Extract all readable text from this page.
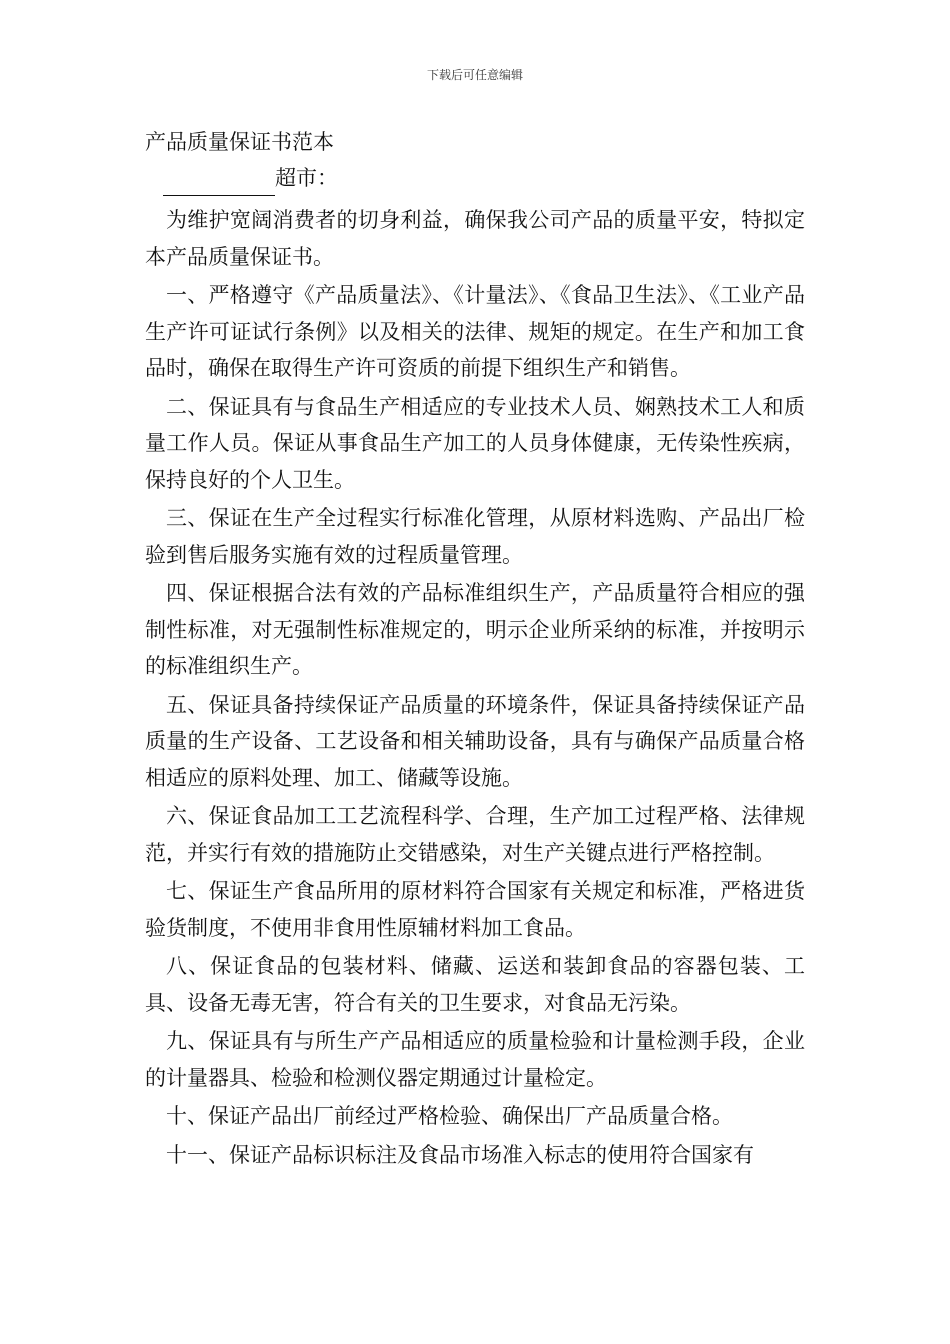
下载后可任意编辑

产品质量保证书范本

超市：

为维护宽阔消费者的切身利益，确保我公司产品的质量平安，特拟定本产品质量保证书。

一、严格遵守《产品质量法》、《计量法》、《食品卫生法》、《工业产品生产许可证试行条例》以及相关的法律、规矩的规定。在生产和加工食品时，确保在取得生产许可资质的前提下组织生产和销售。

二、保证具有与食品生产相适应的专业技术人员、娴熟技术工人和质量工作人员。保证从事食品生产加工的人员身体健康，无传染性疾病，保持良好的个人卫生。

三、保证在生产全过程实行标准化管理，从原材料选购、产品出厂检验到售后服务实施有效的过程质量管理。

四、保证根据合法有效的产品标准组织生产，产品质量符合相应的强制性标准，对无强制性标准规定的，明示企业所采纳的标准，并按明示的标准组织生产。

五、保证具备持续保证产品质量的环境条件，保证具备持续保证产品质量的生产设备、工艺设备和相关辅助设备，具有与确保产品质量合格相适应的原料处理、加工、储藏等设施。

六、保证食品加工工艺流程科学、合理，生产加工过程严格、法律规范，并实行有效的措施防止交错感染，对生产关键点进行严格控制。

七、保证生产食品所用的原材料符合国家有关规定和标准，严格进货验货制度，不使用非食用性原辅材料加工食品。

八、保证食品的包装材料、储藏、运送和装卸食品的容器包装、工具、设备无毒无害，符合有关的卫生要求，对食品无污染。

九、保证具有与所生产产品相适应的质量检验和计量检测手段，企业的计量器具、检验和检测仪器定期通过计量检定。

十、保证产品出厂前经过严格检验、确保出厂产品质量合格。

十一、保证产品标识标注及食品市场准入标志的使用符合国家有
